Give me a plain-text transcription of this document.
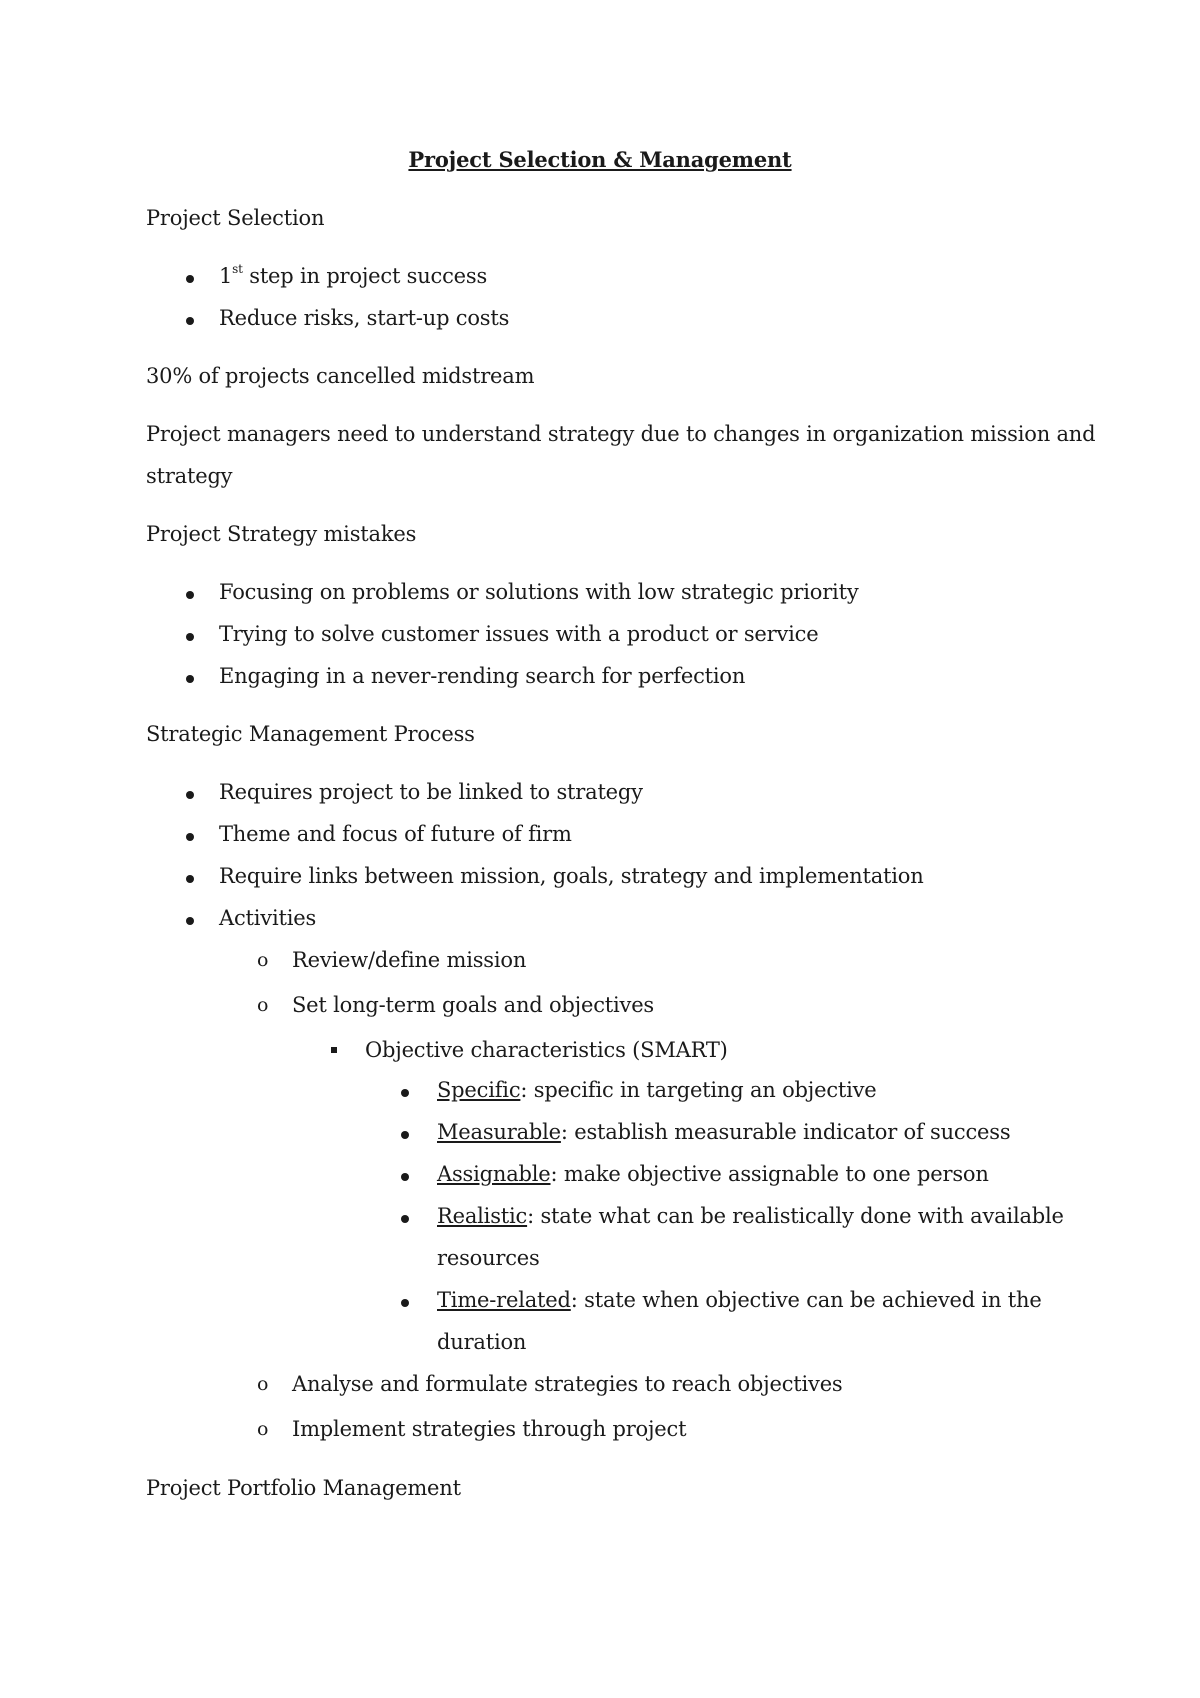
Project Selection & Management
Project Selection
1st step in project success
Reduce risks, start-up costs
30% of projects cancelled midstream
Project managers need to understand strategy due to changes in organization mission and
strategy
Project Strategy mistakes
Focusing on problems or solutions with low strategic priority
Trying to solve customer issues with a product or service
Engaging in a never-rending search for perfection
Strategic Management Process
Requires project to be linked to strategy
Theme and focus of future of firm
Require links between mission, goals, strategy and implementation
Activities
o Review/define mission
o Set long-term goals and objectives
Objective characteristics (SMART)
Specific: specific in targeting an objective
Measurable: establish measurable indicator of success
Assignable: make objective assignable to one person
Realistic: state what can be realistically done with available
resources
Time-related: state when objective can be achieved in the
duration
o Analyse and formulate strategies to reach objectives
o Implement strategies through project
Project Portfolio Management
